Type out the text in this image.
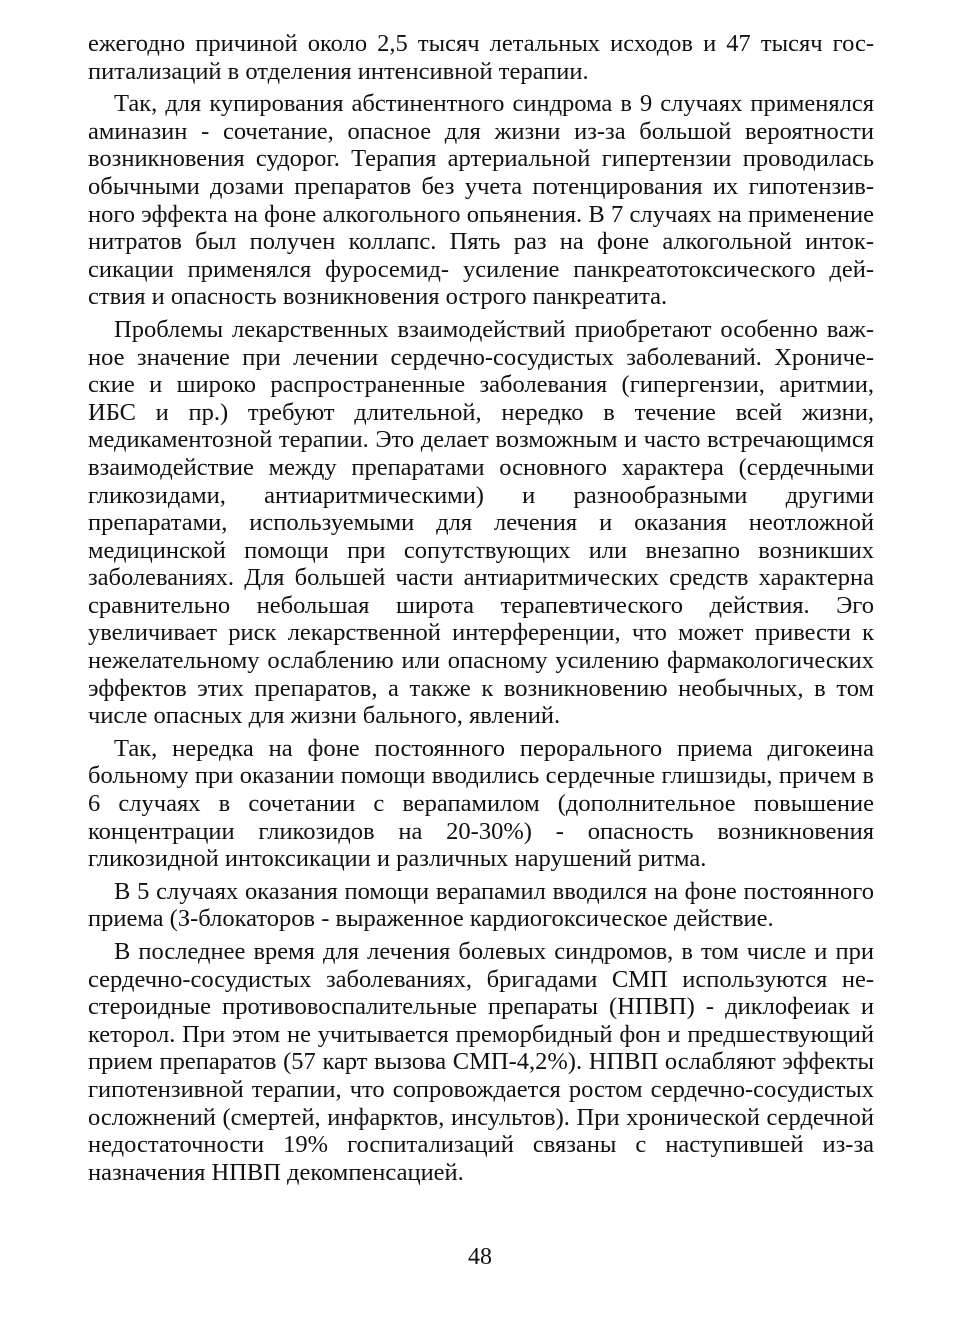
ежегодно причиной около 2,5 тысяч летальных исходов и 47 тысяч госпитализаций в отделения интенсивной терапии.

Так, для купирования абстинентного синдрома в 9 случаях применялся аминазин - сочетание, опасное для жизни из-за большой вероятности возникновения судорог. Терапия артериальной гипертензии проводилась обычными дозами препаратов без учета потенцирования их гипотензивного эффекта на фоне алкогольного опьянения. В 7 случаях на применение нитратов был получен коллапс. Пять раз на фоне алкогольной интоксикации применялся фуросемид- усиление панкреатотоксического действия и опасность возникновения острого панкреатита.

Проблемы лекарственных взаимодействий приобретают особенно важное значение при лечении сердечно-сосудистых заболеваний. Хронические и широко распространенные заболевания (гипергензии, аритмии, ИБС и пр.) требуют длительной, нередко в течение всей жизни, медикаментозной терапии. Это делает возможным и часто встречающимся взаимодействие между препаратами основного характера (сердечными гликозидами, антиаритмическими) и разнообразными другими препаратами, используемыми для лечения и оказания неотложной медицинской помощи при сопутствующих или внезапно возникших заболеваниях. Для большей части антиаритмических средств характерна сравнительно небольшая широта терапевтического действия. Эго увеличивает риск лекарственной интерференции, что может привести к нежелательному ослаблению или опасному усилению фармакологических эффектов этих препаратов, а также к возникновению необычных, в том числе опасных для жизни бального, явлений.

Так, нередка на фоне постоянного перорального приема дигокеина больному при оказании помощи вводились сердечные глишзиды, причем в 6 случаях в сочетании с верапамилом (дополнительное повышение концентрации гликозидов на 20-30%) - опасность возникновения гликозидной интоксикации и различных нарушений ритма.

В 5 случаях оказания помощи верапамил вводился на фоне постоянного приема (З-блокаторов - выраженное кардиогоксическое действие.

В последнее время для лечения болевых синдромов, в том числе и при сердечно-сосудистых заболеваниях, бригадами СМП используются нестероидные противовоспалительные препараты (НПВП) - диклофеиак и кеторол. При этом не учитывается преморбидный фон и предшествующий прием препаратов (57 карт вызова СМП-4,2%). НПВП ослабляют эффекты гипотензивной терапии, что сопровождается ростом сердечно-сосудистых осложнений (смертей, инфарктов, инсультов). При хронической сердечной недостаточности 19% госпитализаций связаны с наступившей из-за назначения НПВП декомпенсацией.

48
